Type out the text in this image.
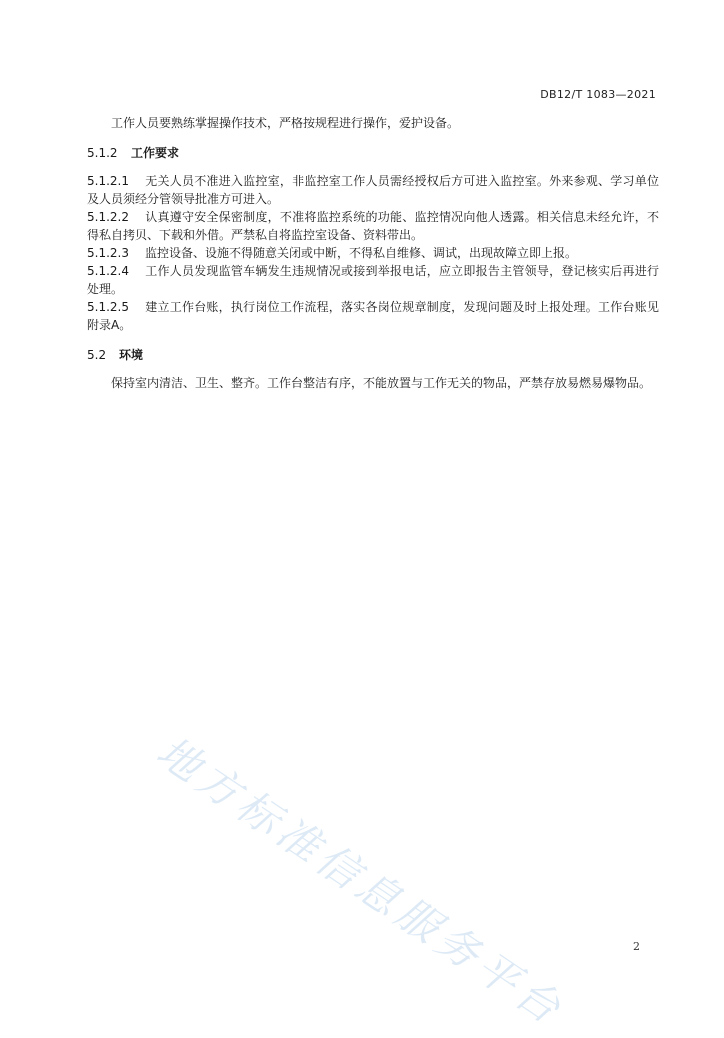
DB12/T 1083—2021

工作人员要熟练掌握操作技术，严格按规程进行操作，爱护设备。

5.1.2 工作要求

5.1.2.1 无关人员不准进入监控室，非监控室工作人员需经授权后方可进入监控室。外来参观、学习单位及人员须经分管领导批准方可进入。

5.1.2.2 认真遵守安全保密制度，不准将监控系统的功能、监控情况向他人透露。相关信息未经允许，不得私自拷贝、下载和外借。严禁私自将监控室设备、资料带出。

5.1.2.3 监控设备、设施不得随意关闭或中断，不得私自维修、调试，出现故障立即上报。

5.1.2.4 工作人员发现监管车辆发生违规情况或接到举报电话，应立即报告主管领导，登记核实后再进行处理。

5.1.2.5 建立工作台账，执行岗位工作流程，落实各岗位规章制度，发现问题及时上报处理。工作台账见附录A。

5.2 环境

保持室内清洁、卫生、整齐。工作台整洁有序，不能放置与工作无关的物品，严禁存放易燃易爆物品。

地方标准信息服务平台	2
